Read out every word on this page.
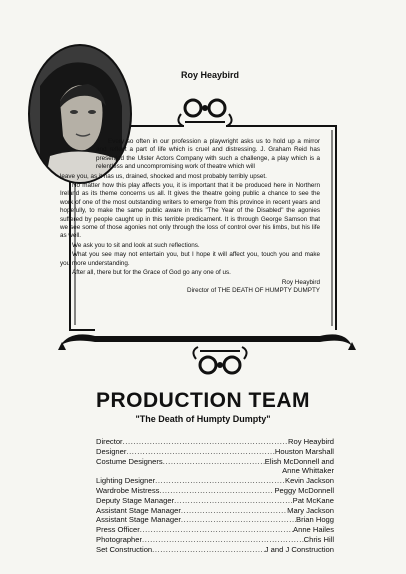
Roy Heaybird

Every so often in our profession a playwright asks us to hold up a mirror and reflect a part of life which is cruel and distressing. J. Graham Reid has presented the Ulster Actors Company with such a challenge, a play which is a relentless and uncompromising work of theatre which will

leave you, as it has us, drained, shocked and most probably terribly upset.

No matter how this play affects you, it is important that it be produced here in Northern Ireland as its theme concerns us all. It gives the theatre going public a chance to see the work of one of the most outstanding writers to emerge from this province in recent years and hopefully, to make the same public aware in this "The Year of the Disabled" the agonies suffered by people caught up in this terrible predicament. It is through George Samson that we see some of those agonies not only through the loss of control over his limbs, but his life as well.

We ask you to sit and look at such reflections.

What you see may not entertain you, but I hope it will affect you, touch you and make you more understanding.

After all, there but for the Grace of God go any one of us.

Roy Heaybird
Director of THE DEATH OF HUMPTY DUMPTY
PRODUCTION TEAM
"The Death of Humpty Dumpty"
Director .....	Roy Heaybird
Designer .....	Houston Marshall
Costume Designers .....	Elish McDonnell and
Anne Whittaker
Lighting Designer .....	Kevin Jackson
Wardrobe Mistress .....	Peggy McDonnell
Deputy Stage Manager .....	Pat McKane
Assistant Stage Manager .....	Mary Jackson
Assistant Stage Manager .....	Brian Hogg
Press Officer .....	Anne Hailes
Photographer .....	Chris Hill
Set Construction .....	J and J Construction
